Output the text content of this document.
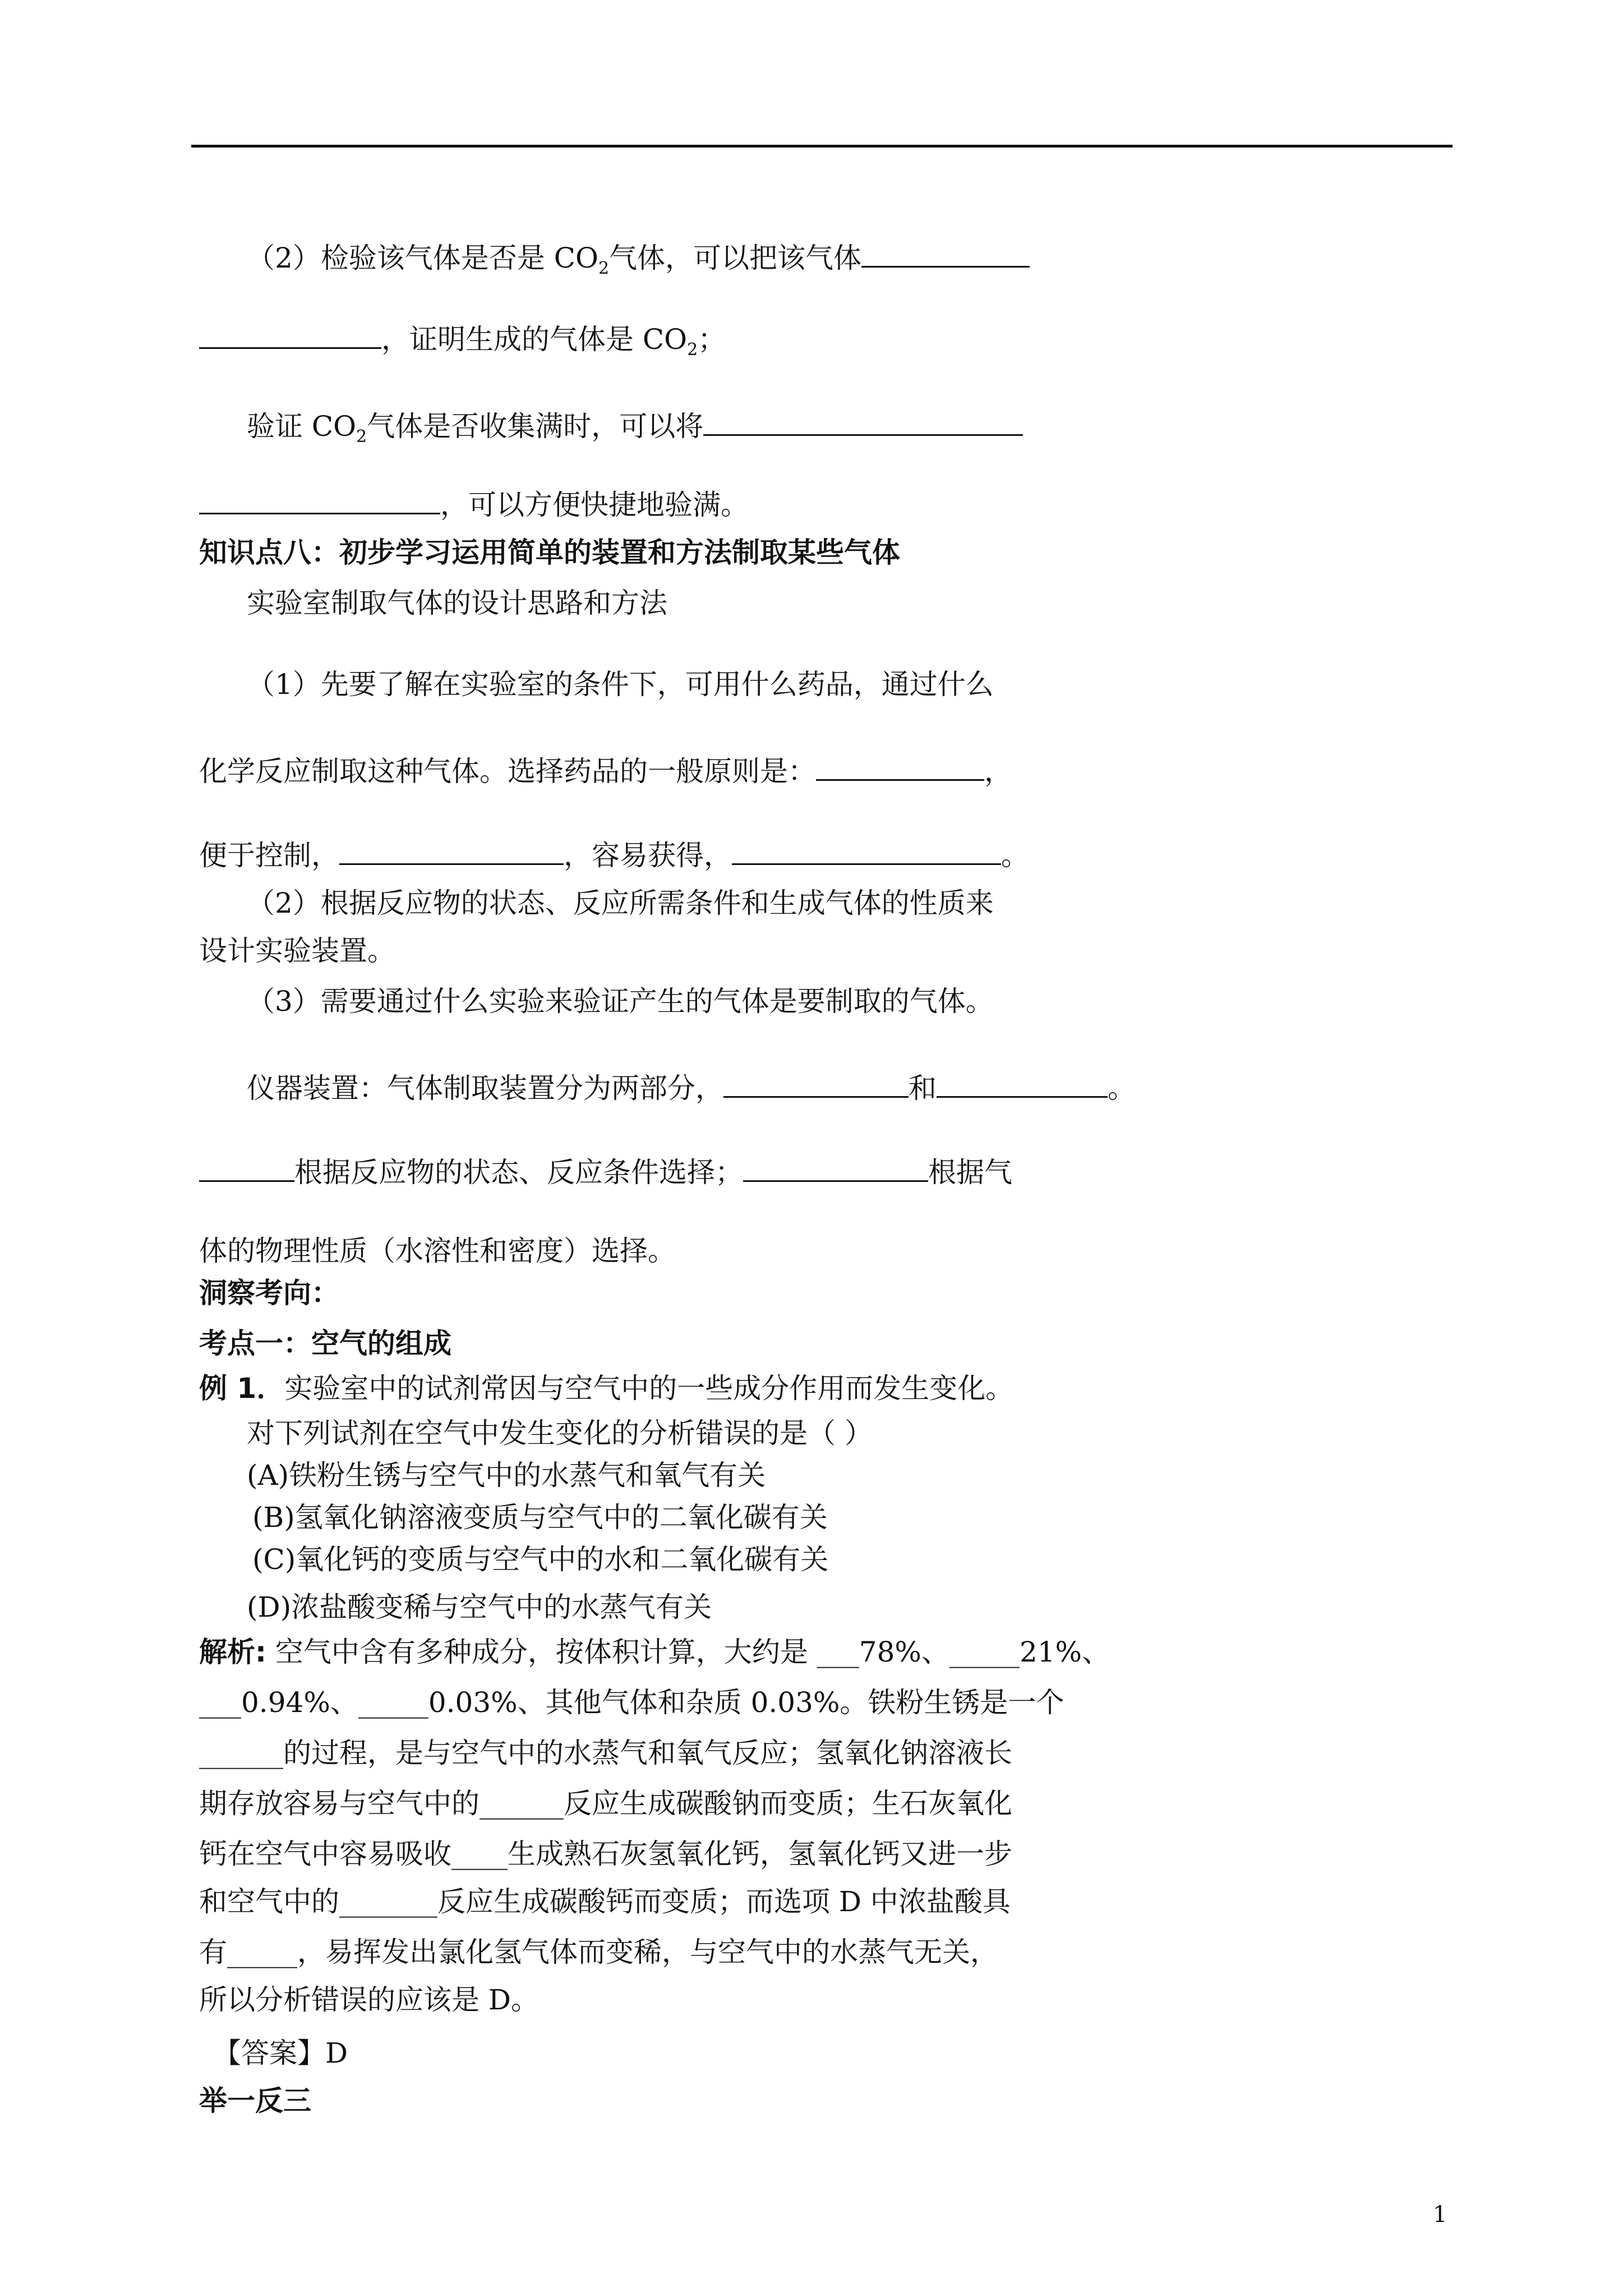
（2）检验该气体是否是 $CO_2$气体，可以把该气体
，证明生成的气体是 $CO_2$；
验证 $CO_2$气体是否收集满时，可以将
，可以方便快捷地验满。
知识点八：初步学习运用简单的装置和方法制取某些气体
实验室制取气体的设计思路和方法
（1）先要了解在实验室的条件下，可用什么药品，通过什么
化学反应制取这种气体。选择药品的一般原则是：	，
便于控制，	，容易获得，	。
（2）根据反应物的状态、反应所需条件和生成气体的性质来
设计实验装置。
（3）需要通过什么实验来验证产生的气体是要制取的气体。
仪器装置：气体制取装置分为两部分，	和	。
根据反应物的状态、反应条件选择；	根据气
体的物理性质（水溶性和密度）选择。
洞察考向：
考点一：空气的组成
例 1．实验室中的试剂常因与空气中的一些成分作用而发生变化。
对下列试剂在空气中发生变化的分析错误的是（ ）
(A)铁粉生锈与空气中的水蒸气和氧气有关
(B)氢氧化钠溶液变质与空气中的二氧化碳有关
(C)氧化钙的变质与空气中的水和二氧化碳有关
(D)浓盐酸变稀与空气中的水蒸气有关
解析: 空气中含有多种成分，按体积计算，大约是 ___78%、_____21%、
___0.94%、_____0.03%、其他气体和杂质 0.03%。铁粉生锈是一个
______的过程，是与空气中的水蒸气和氧气反应；氢氧化钠溶液长
期存放容易与空气中的______反应生成碳酸钠而变质；生石灰氧化
钙在空气中容易吸收____生成熟石灰氢氧化钙，氢氧化钙又进一步
和空气中的_______反应生成碳酸钙而变质；而选项 D 中浓盐酸具
有_____，易挥发出氯化氢气体而变稀，与空气中的水蒸气无关，
所以分析错误的应该是 D。
【答案】D
举一反三
1
